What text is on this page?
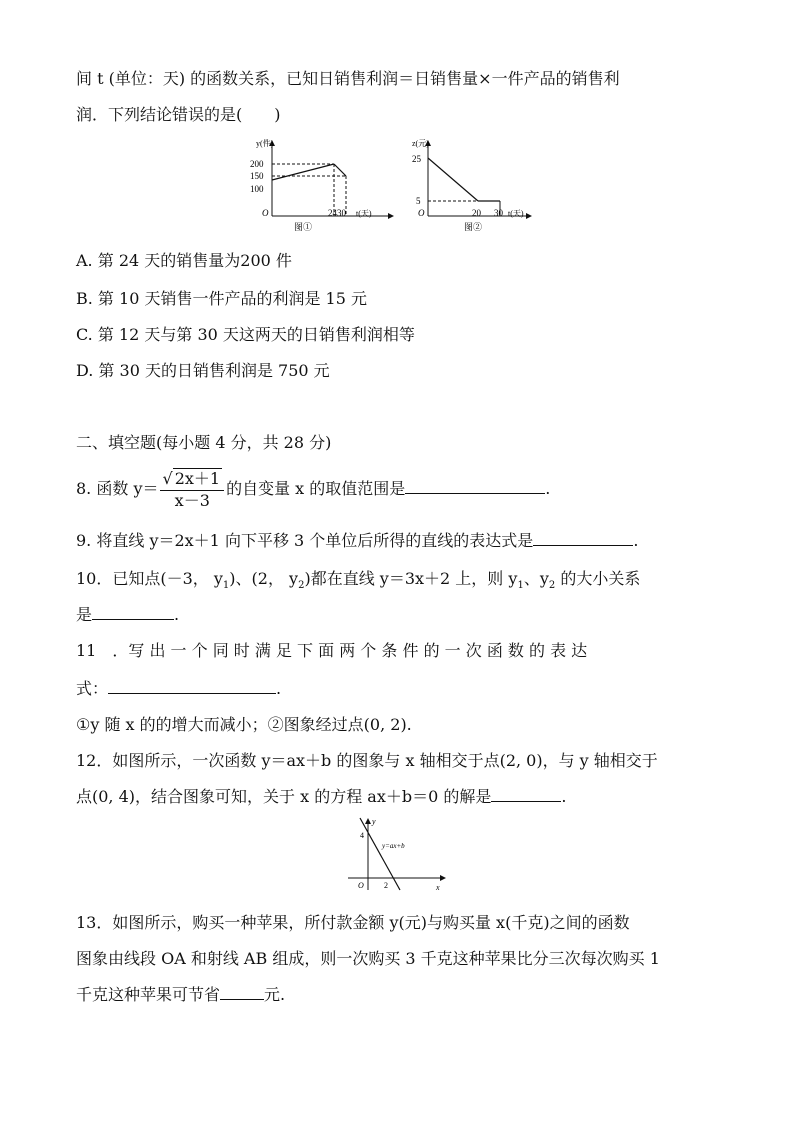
间 t (单位：天) 的函数关系，已知日销售利润＝日销售量×一件产品的销售利
润．下列结论错误的是(　　)
y(件)
200
150
100
O	2430 t(天)
图①
z(元)
25
5
O	20 30 t(天)
图②
A. 第 24 天的销售量为200 件
B. 第 10 天销售一件产品的利润是 15 元
C. 第 12 天与第 30 天这两天的日销售利润相等
D. 第 30 天的日销售利润是 750 元
二、填空题(每小题 4 分，共 28 分)
8. 函数 $y= \frac{√ 2x+1}{x-3}$ 的自变量 x 的取值范围是	.
9. 将直线 y＝2x＋1 向下平移 3 个单位后所得的直线的表达式是	.
10．已知点(－3， $y_1$)、(2， $y_2$)都在直线 y＝3x＋2 上，则 $y_1$、$y_2$ 的大小关系
是	.
11　．写 出 一 个 同 时 满 足 下 面 两 个 条 件 的 一 次 函 数 的 表 达
式：	.
①y 随 x 的的增大而减小；②图象经过点(0, 2).
12．如图所示，一次函数 y＝ax＋b 的图象与 x 轴相交于点(2, 0)，与 y 轴相交于
点(0, 4)，结合图象可知，关于 x 的方程 ax＋b＝0 的解是	.
y
x
O
4
2
y=ax+b
13．如图所示，购买一种苹果，所付款金额 y(元)与购买量 x(千克)之间的函数
图象由线段 OA 和射线 AB 组成，则一次购买 3 千克这种苹果比分三次每次购买 1
千克这种苹果可节省	元.
